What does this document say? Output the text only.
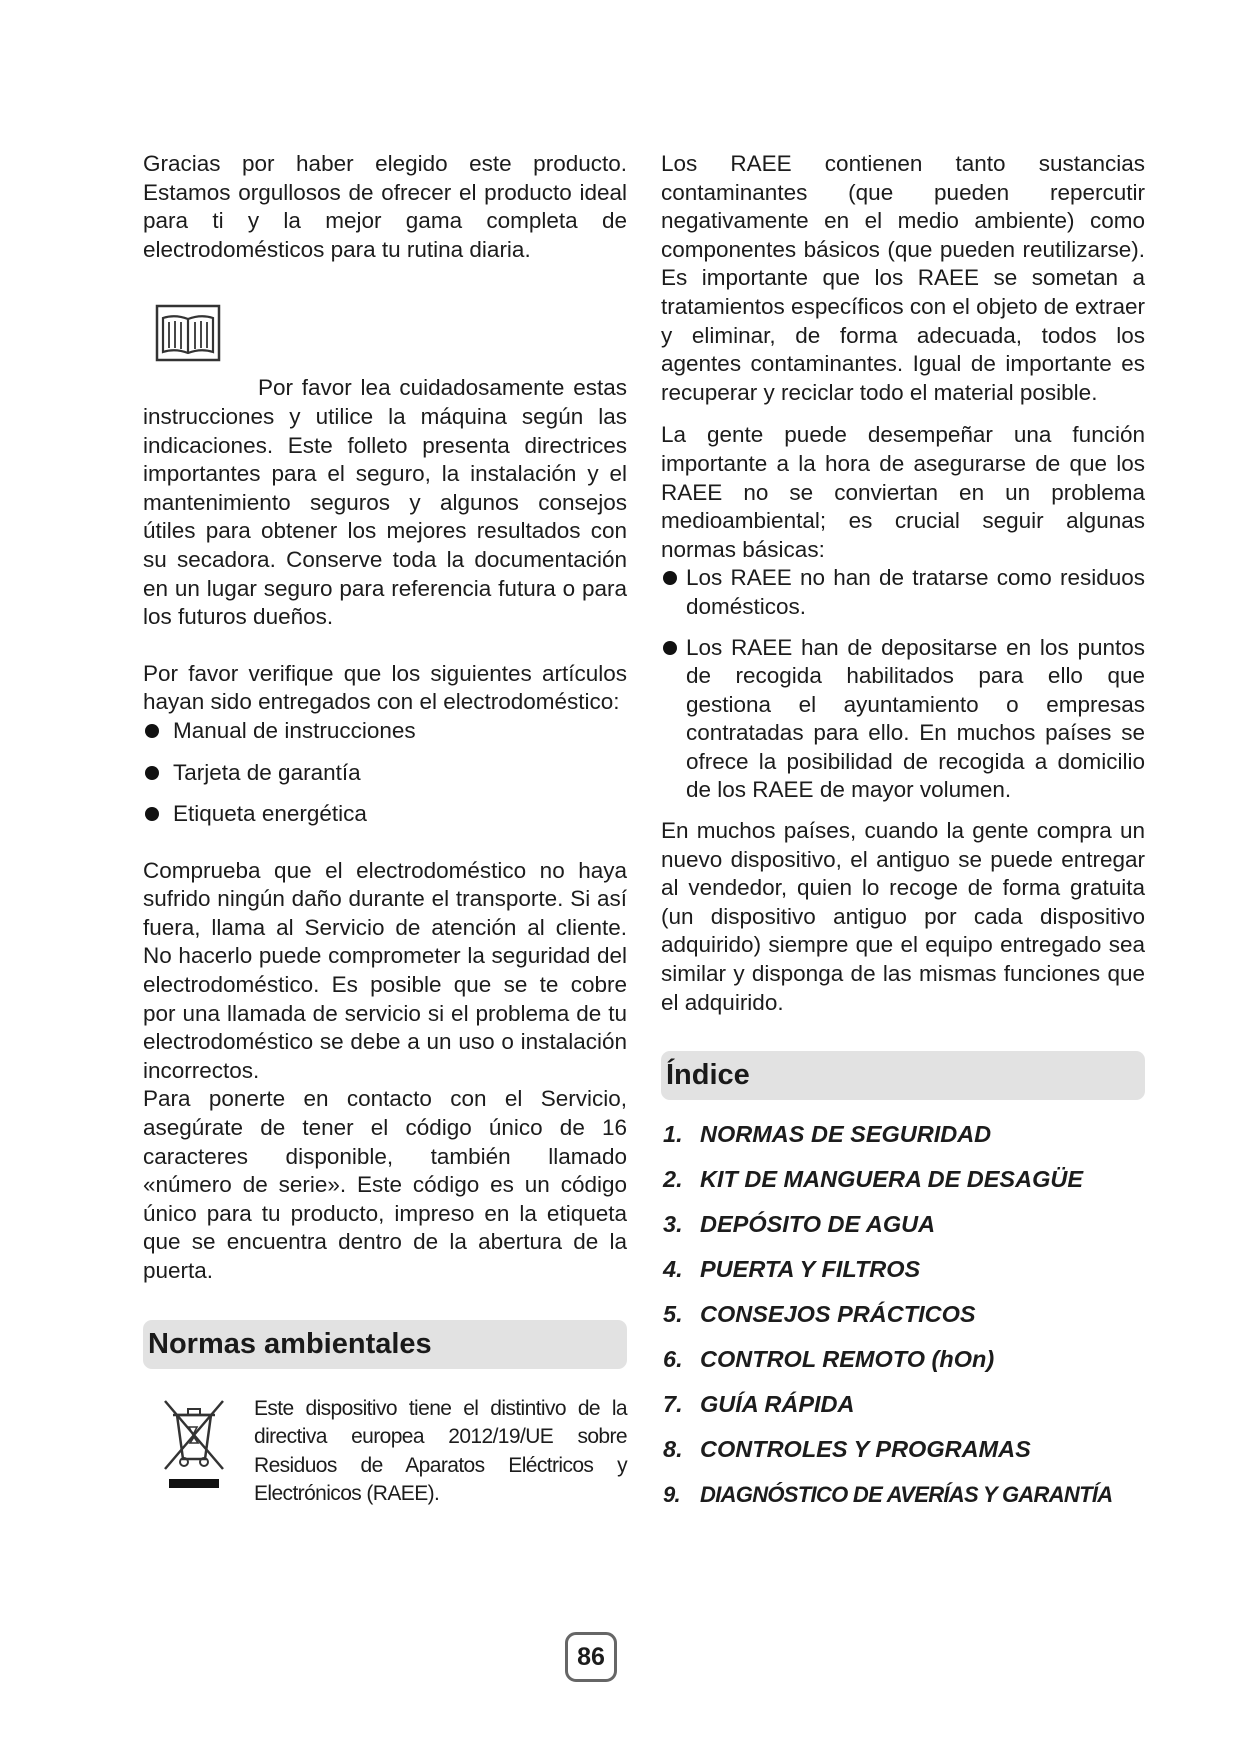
Gracias por haber elegido este producto. Estamos orgullosos de ofrecer el producto ideal para ti y la mejor gama completa de electrodomésticos para tu rutina diaria.

Por favor lea cuidadosamente estas instrucciones y utilice la máquina según las indicaciones. Este folleto presenta directrices importantes para el seguro, la instalación y el mantenimiento seguros y algunos consejos útiles para obtener los mejores resultados con su secadora. Conserve toda la documentación en un lugar seguro para referencia futura o para los futuros dueños.

Por favor verifique que los siguientes artículos hayan sido entregados con el electrodoméstico:

Manual de instrucciones
Tarjeta de garantía
Etiqueta energética

Comprueba que el electrodoméstico no haya sufrido ningún daño durante el transporte. Si así fuera, llama al Servicio de atención al cliente. No hacerlo puede comprometer la seguridad del electrodoméstico. Es posible que se te cobre por una llamada de servicio si el problema de tu electrodoméstico se debe a un uso o instalación incorrectos.

Para ponerte en contacto con el Servicio, asegúrate de tener el código único de 16 caracteres disponible, también llamado «número de serie». Este código es un código único para tu producto, impreso en la etiqueta que se encuentra dentro de la abertura de la puerta.

Normas ambientales

Este dispositivo tiene el distintivo de la directiva europea 2012/19/UE sobre Residuos de Aparatos Eléctricos y Electrónicos (RAEE).

Los RAEE contienen tanto sustancias contaminantes (que pueden repercutir negativamente en el medio ambiente) como componentes básicos (que pueden reutilizarse). Es importante que los RAEE se sometan a tratamientos específicos con el objeto de extraer y eliminar, de forma adecuada, todos los agentes contaminantes. Igual de importante es recuperar y reciclar todo el material posible.

La gente puede desempeñar una función importante a la hora de asegurarse de que los RAEE no se conviertan en un problema medioambiental; es crucial seguir algunas normas básicas:

Los RAEE no han de tratarse como residuos domésticos.
Los RAEE han de depositarse en los puntos de recogida habilitados para ello que gestiona el ayuntamiento o empresas contratadas para ello. En muchos países se ofrece la posibilidad de recogida a domicilio de los RAEE de mayor volumen.

En muchos países, cuando la gente compra un nuevo dispositivo, el antiguo se puede entregar al vendedor, quien lo recoge de forma gratuita (un dispositivo antiguo por cada dispositivo adquirido) siempre que el equipo entregado sea similar y disponga de las mismas funciones que el adquirido.

Índice
1. NORMAS DE SEGURIDAD
2. KIT DE MANGUERA DE DESAGÜE
3. DEPÓSITO DE AGUA
4. PUERTA Y FILTROS
5. CONSEJOS PRÁCTICOS
6. CONTROL REMOTO (hOn)
7. GUÍA RÁPIDA
8. CONTROLES Y PROGRAMAS
9. DIAGNÓSTICO DE AVERÍAS Y GARANTÍA
86
